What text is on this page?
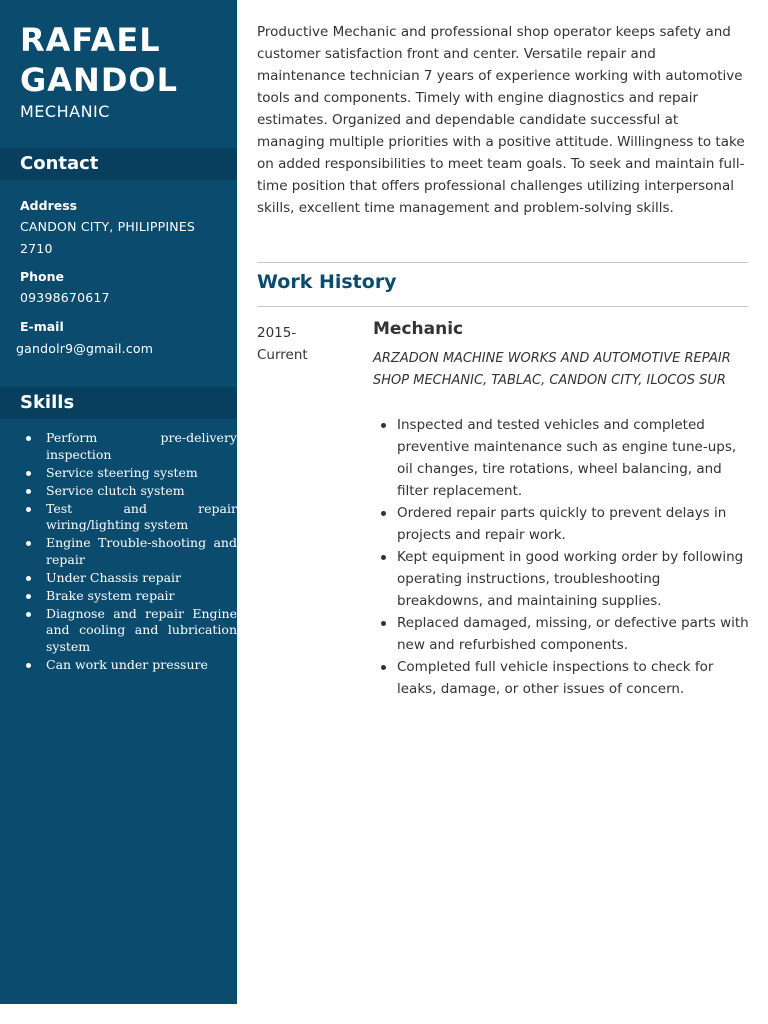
RAFAEL
GANDOL
MECHANIC
Contact
Address
CANDON CITY, PHILIPPINES
2710
Phone
09398670617
E-mail
gandolr9@gmail.com
Skills
Perform pre-delivery inspection
Service steering system
Service clutch system
Test and repair wiring/lighting system
Engine Trouble-shooting and repair
Under Chassis repair
Brake system repair
Diagnose and repair Engine and cooling and lubrication system
Can work under pressure

Productive Mechanic and professional shop operator keeps safety and customer satisfaction front and center. Versatile repair and maintenance technician 7 years of experience working with automotive tools and components. Timely with engine diagnostics and repair estimates. Organized and dependable candidate successful at managing multiple priorities with a positive attitude. Willingness to take on added responsibilities to meet team goals. To seek and maintain full-time position that offers professional challenges utilizing interpersonal skills, excellent time management and problem-solving skills.

Work History
2015-
Current
Mechanic
ARZADON MACHINE WORKS AND AUTOMOTIVE REPAIR SHOP MECHANIC, TABLAC, CANDON CITY, ILOCOS SUR
Inspected and tested vehicles and completed preventive maintenance such as engine tune-ups, oil changes, tire rotations, wheel balancing, and filter replacement.
Ordered repair parts quickly to prevent delays in projects and repair work.
Kept equipment in good working order by following operating instructions, troubleshooting breakdowns, and maintaining supplies.
Replaced damaged, missing, or defective parts with new and refurbished components.
Completed full vehicle inspections to check for leaks, damage, or other issues of concern.
